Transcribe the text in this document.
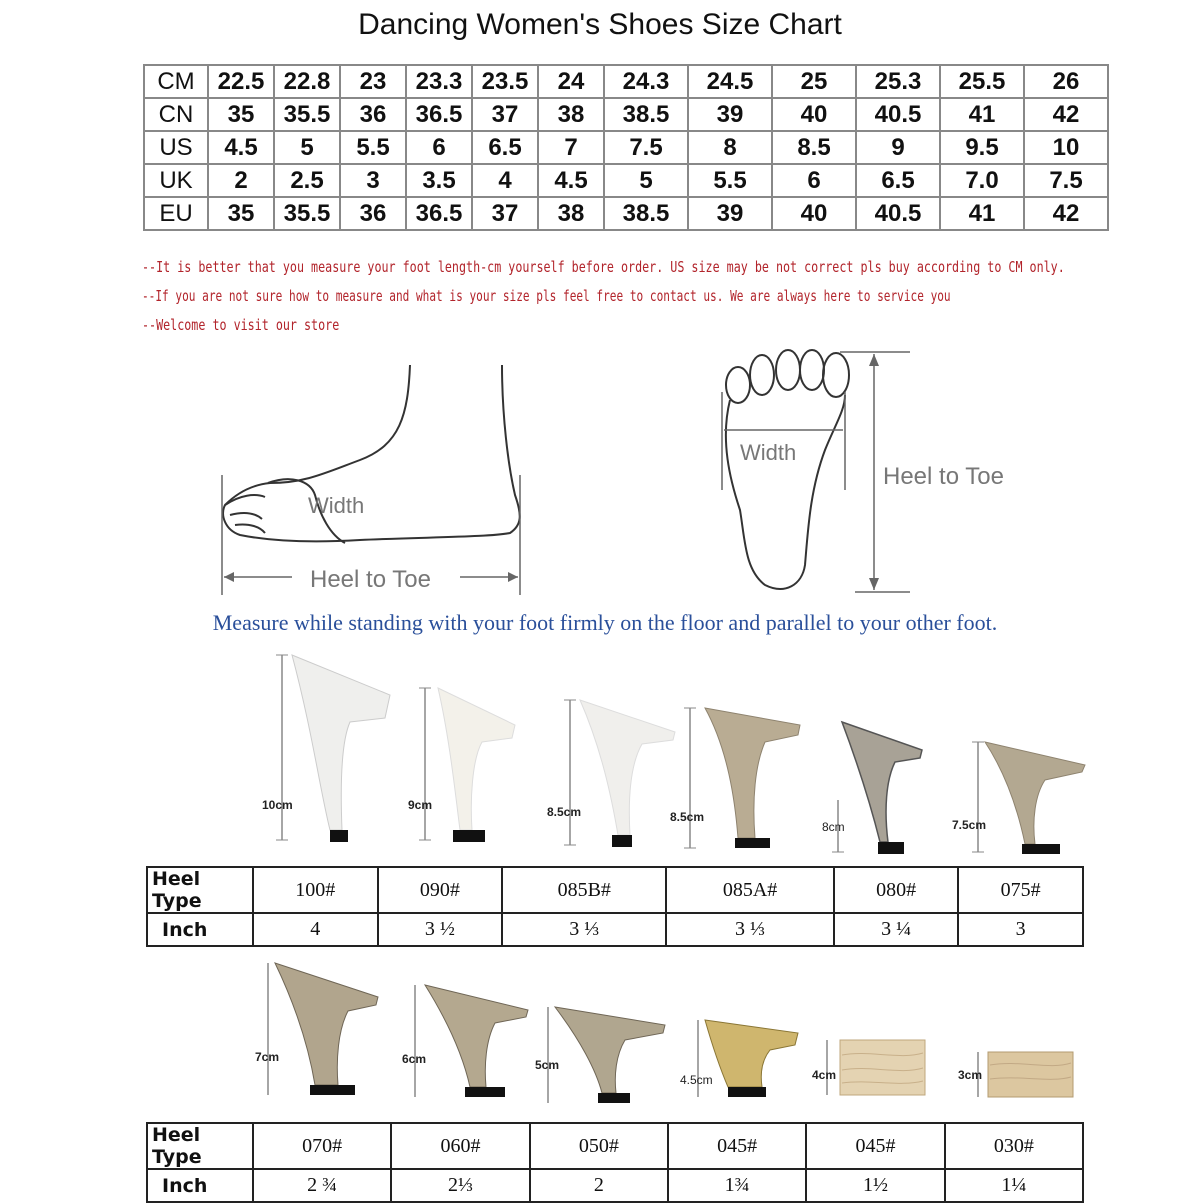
Dancing Women's Shoes Size Chart
CM	22.5	22.8	23	23.3	23.5	24	24.3	24.5	25	25.3	25.5	26
CN	35	35.5	36	36.5	37	38	38.5	39	40	40.5	41	42
US	4.5	5	5.5	6	6.5	7	7.5	8	8.5	9	9.5	10
UK	2	2.5	3	3.5	4	4.5	5	5.5	6	6.5	7.0	7.5
EU	35	35.5	36	36.5	37	38	38.5	39	40	40.5	41	42
--It is better that you measure your foot length-cm yourself before order. US size may be not correct pls buy according to CM only.
--If you are not sure how to measure and what is your size pls feel free to contact us. We are always here to service you
--Welcome to visit our store
Width
Heel to Toe
Width
Heel to Toe
Measure while standing with your foot firmly on the floor and parallel to your other foot.
10cm	9cm	8.5cm	8.5cm
8cm	7.5cm
Heel Type	100#	090#	085B#	085A#	080#	075#
Inch	4	3 ½	3 ⅓	3 ⅓	3 ¼	3
7cm	6cm	5cm
4.5cm	4cm	3cm
Heel Type	070#	060#	050#	045#	045#	030#
Inch	2 ¾	2⅓	2	1¾	1½	1¼
